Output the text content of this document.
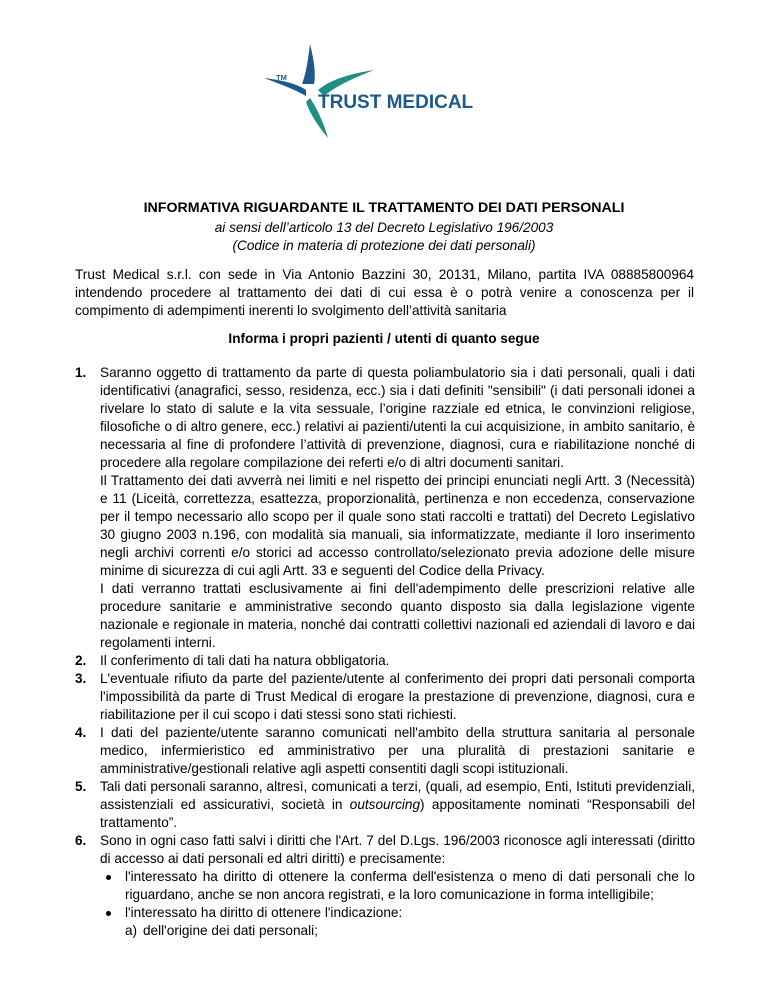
TM
TRUST MEDICAL
INFORMATIVA RIGUARDANTE IL TRATTAMENTO DEI DATI PERSONALI
ai sensi dell’articolo 13 del Decreto Legislativo 196/2003
(Codice in materia di protezione dei dati personali)
Trust Medical s.r.l. con sede in Via Antonio Bazzini 30, 20131, Milano, partita IVA 08885800964 intendendo procedere al trattamento dei dati di cui essa è o potrà venire a conoscenza per il compimento di adempimenti inerenti lo svolgimento dell’attività sanitaria
Informa i propri pazienti / utenti di quanto segue
1. Saranno oggetto di trattamento da parte di questa poliambulatorio sia i dati personali, quali i dati identificativi (anagrafici, sesso, residenza, ecc.) sia i dati definiti "sensibili" (i dati personali idonei a rivelare lo stato di salute e la vita sessuale, l’origine razziale ed etnica, le convinzioni religiose, filosofiche o di altro genere, ecc.) relativi ai pazienti/utenti la cui acquisizione, in ambito sanitario, è necessaria al fine di profondere l’attività di prevenzione, diagnosi, cura e riabilitazione nonché di procedere alla regolare compilazione dei referti e/o di altri documenti sanitari.

Il Trattamento dei dati avverrà nei limiti e nel rispetto dei principi enunciati negli Artt. 3 (Necessità) e 11 (Liceità, correttezza, esattezza, proporzionalità, pertinenza e non eccedenza, conservazione per il tempo necessario allo scopo per il quale sono stati raccolti e trattati) del Decreto Legislativo 30 giugno 2003 n.196, con modalità sia manuali, sia informatizzate, mediante il loro inserimento negli archivi correnti e/o storici ad accesso controllato/selezionato previa adozione delle misure minime di sicurezza di cui agli Artt. 33 e seguenti del Codice della Privacy.

I dati verranno trattati esclusivamente ai fini dell'adempimento delle prescrizioni relative alle procedure sanitarie e amministrative secondo quanto disposto sia dalla legislazione vigente nazionale e regionale in materia, nonché dai contratti collettivi nazionali ed aziendali di lavoro e dai regolamenti interni.

2. Il conferimento di tali dati ha natura obbligatoria.

3. L'eventuale rifiuto da parte del paziente/utente al conferimento dei propri dati personali comporta l'impossibilità da parte di Trust Medical di erogare la prestazione di prevenzione, diagnosi, cura e riabilitazione per il cui scopo i dati stessi sono stati richiesti.

4. I dati del paziente/utente saranno comunicati nell'ambito della struttura sanitaria al personale medico, infermieristico ed amministrativo per una pluralità di prestazioni sanitarie e amministrative/gestionali relative agli aspetti consentiti dagli scopi istituzionali.

5. Tali dati personali saranno, altresì, comunicati a terzi, (quali, ad esempio, Enti, Istituti previdenziali, assistenziali ed assicurativi, società in outsourcing) appositamente nominati “Responsabili del trattamento”.

6. Sono in ogni caso fatti salvi i diritti che l'Art. 7 del D.Lgs. 196/2003 riconosce agli interessati (diritto di accesso ai dati personali ed altri diritti) e precisamente:

l'interessato ha diritto di ottenere la conferma dell'esistenza o meno di dati personali che lo riguardano, anche se non ancora registrati, e la loro comunicazione in forma intelligibile;
l'interessato ha diritto di ottenere l'indicazione:
a) dell'origine dei dati personali;
